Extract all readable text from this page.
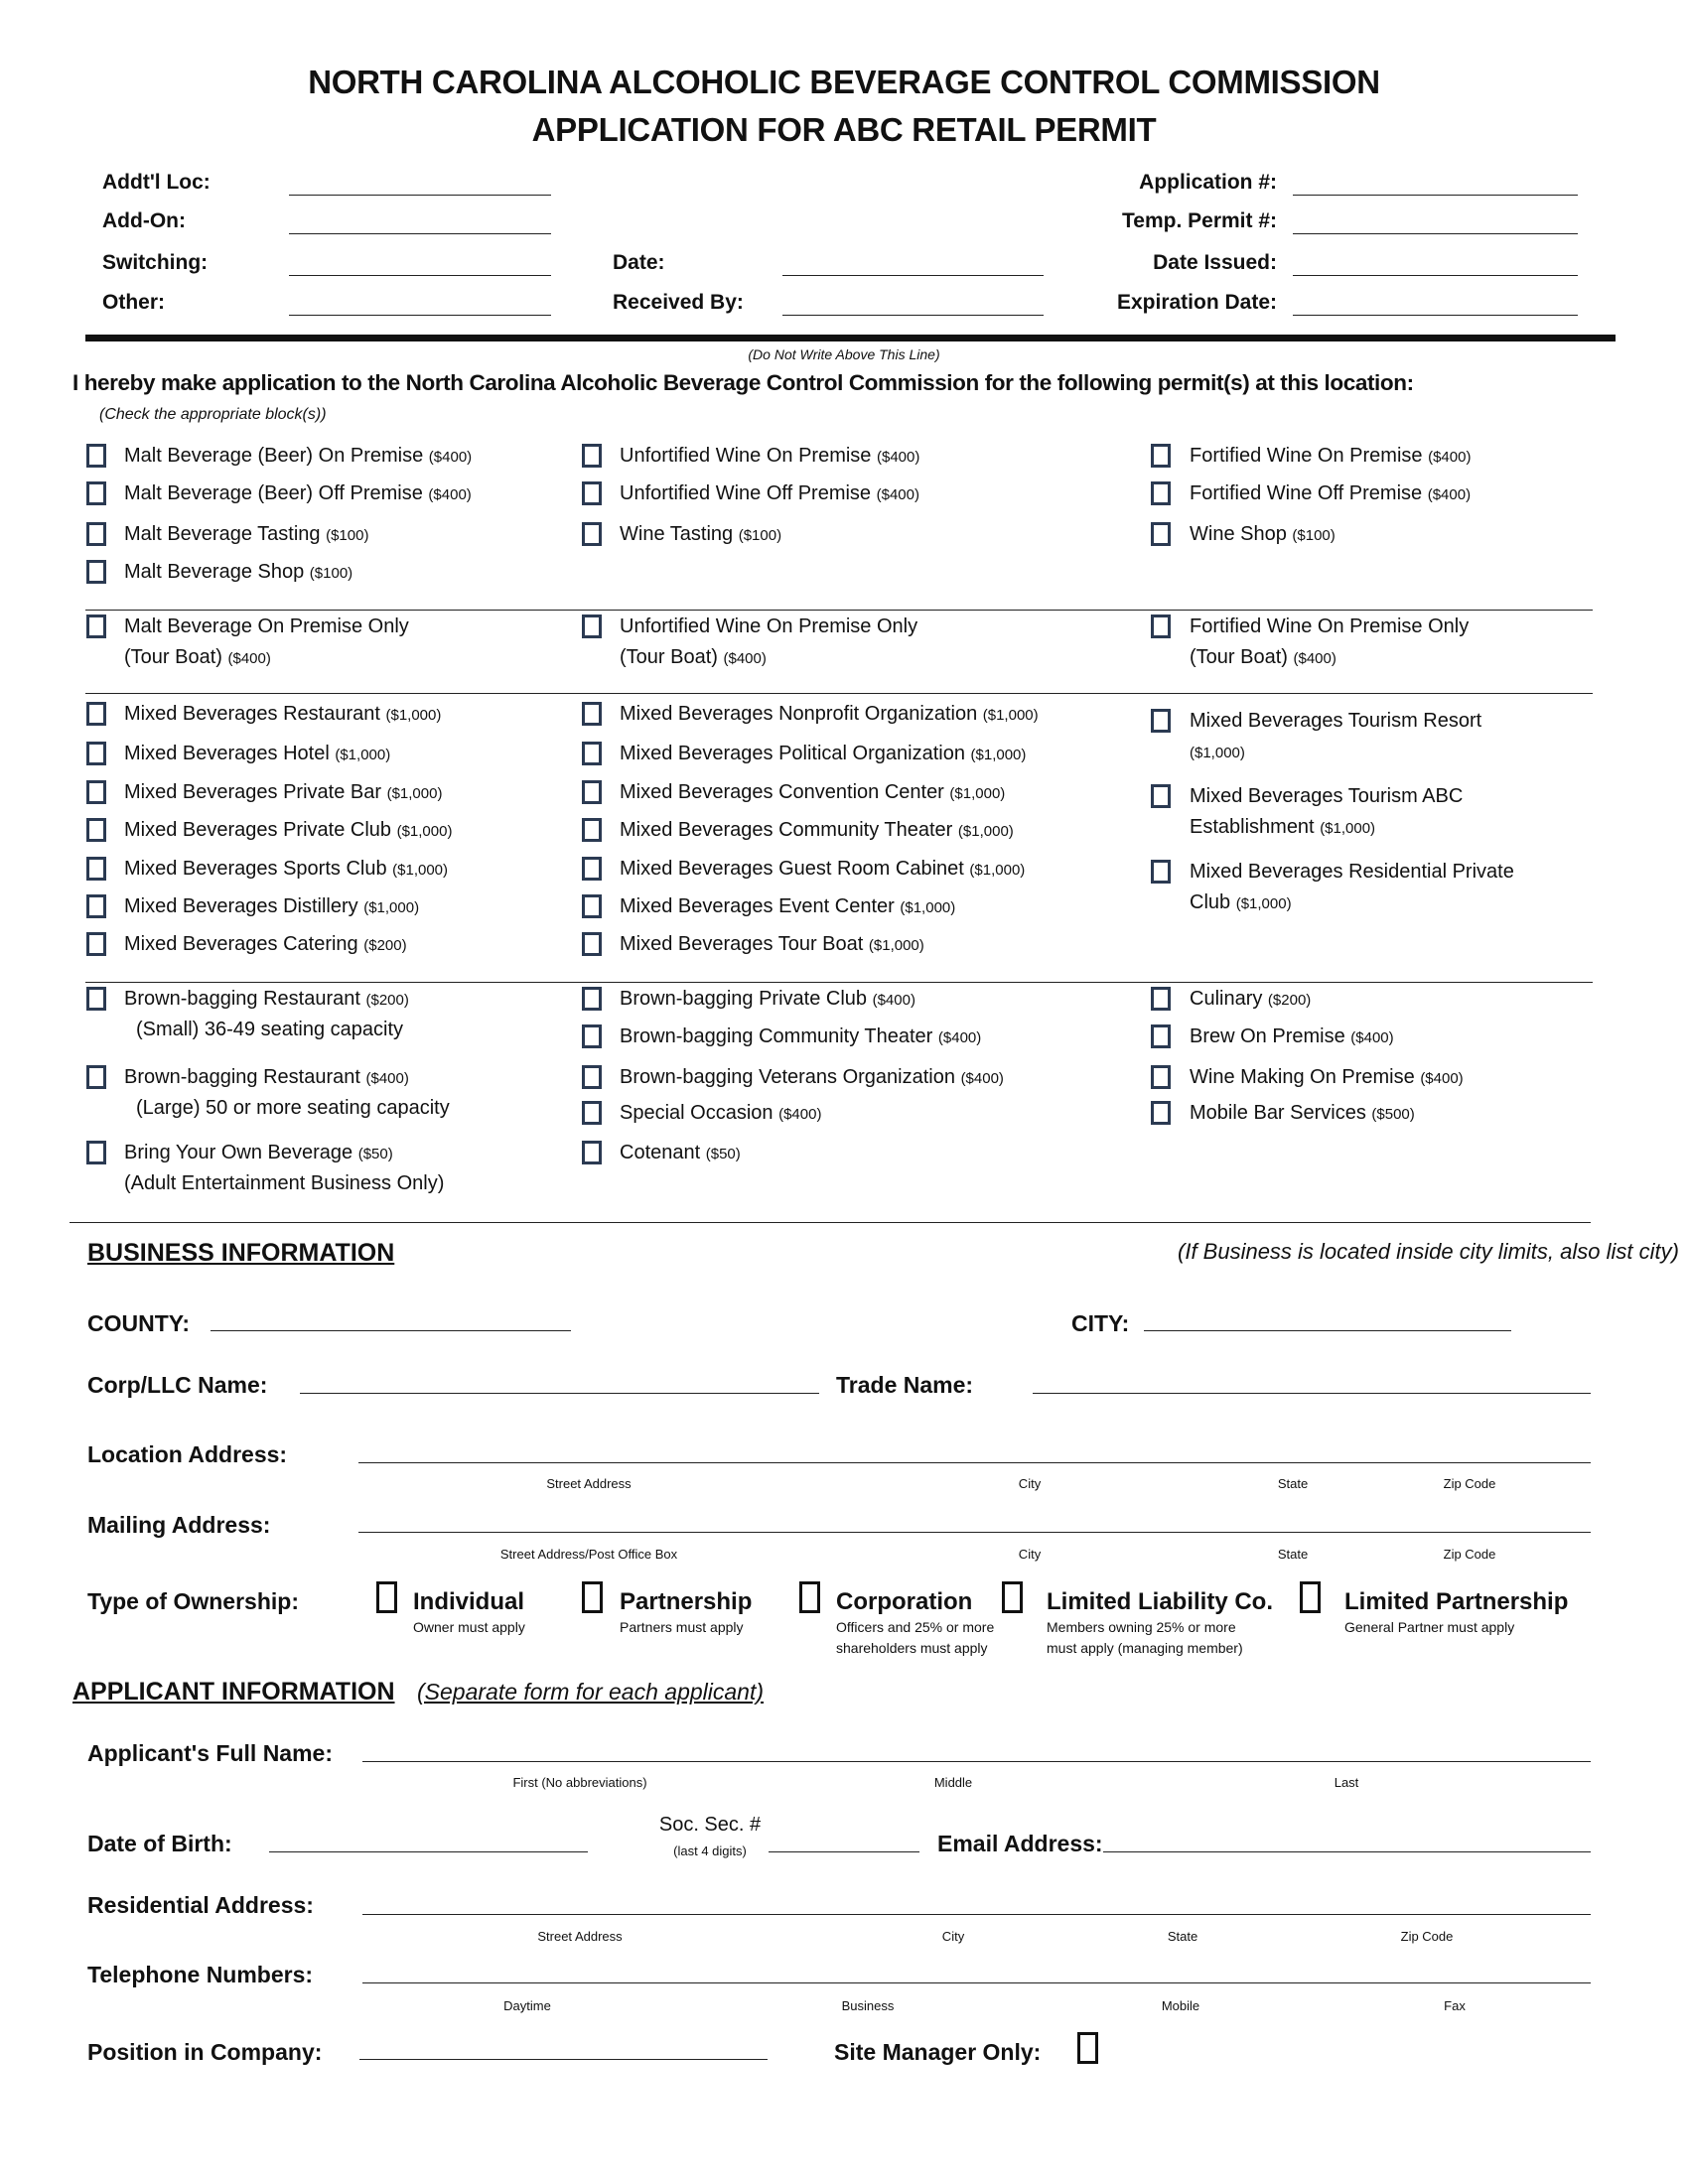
NORTH CAROLINA ALCOHOLIC BEVERAGE CONTROL COMMISSION
APPLICATION FOR ABC RETAIL PERMIT
(Do Not Write Above This Line)
I hereby make application to the North Carolina Alcoholic Beverage Control Commission for the following permit(s) at this location:
(Check the appropriate block(s))
Addt'l Loc:
Add-On:
Switching:
Other:
Date:
Received By:
Application #:
Temp. Permit #:
Date Issued:
Expiration Date:
Malt Beverage (Beer) On Premise ($400)
Malt Beverage (Beer) Off Premise ($400)
Malt Beverage Tasting ($100)
Malt Beverage Shop ($100)
Unfortified Wine On Premise ($400)
Unfortified Wine Off Premise ($400)
Wine Tasting ($100)
Fortified Wine On Premise ($400)
Fortified Wine Off Premise ($400)
Wine Shop ($100)
Malt Beverage On Premise Only
(Tour Boat) ($400)
Unfortified Wine On Premise Only
(Tour Boat) ($400)
Fortified Wine On Premise Only
(Tour Boat) ($400)
Mixed Beverages Restaurant ($1,000)
Mixed Beverages Hotel ($1,000)
Mixed Beverages Private Bar ($1,000)
Mixed Beverages Private Club ($1,000)
Mixed Beverages Sports Club ($1,000)
Mixed Beverages Distillery ($1,000)
Mixed Beverages Catering ($200)
Mixed Beverages Nonprofit Organization ($1,000)
Mixed Beverages Political Organization ($1,000)
Mixed Beverages Convention Center ($1,000)
Mixed Beverages Community Theater ($1,000)
Mixed Beverages Guest Room Cabinet ($1,000)
Mixed Beverages Event Center ($1,000)
Mixed Beverages Tour Boat ($1,000)
Mixed Beverages Tourism Resort
($1,000)
Mixed Beverages Tourism ABC
Establishment ($1,000)
Mixed Beverages Residential Private
Club ($1,000)
Brown-bagging Restaurant ($200)
(Small) 36-49 seating capacity
Brown-bagging Restaurant ($400)
(Large) 50 or more seating capacity
Bring Your Own Beverage ($50)
(Adult Entertainment Business Only)
Brown-bagging Private Club ($400)
Brown-bagging Community Theater ($400)
Brown-bagging Veterans Organization ($400)
Special Occasion ($400)
Cotenant ($50)
Culinary ($200)
Brew On Premise ($400)
Wine Making On Premise ($400)
Mobile Bar Services ($500)
BUSINESS INFORMATION	(If Business is located inside city limits, also list city)
COUNTY:	CITY:
Corp/LLC Name:	Trade Name:
Location Address:
Street Address	City	State	Zip Code
Mailing Address:
Street Address/Post Office Box	City	State	Zip Code
Type of Ownership:	Individual
Owner must apply
Partnership
Partners must apply
Corporation
Officers and 25% or more
shareholders must apply
Limited Liability Co.
Members owning 25% or more
must apply (managing member)
Limited Partnership
General Partner must apply
APPLICANT INFORMATION (Separate form for each applicant)
Applicant's Full Name:
First (No abbreviations)	Middle	Last
Date of Birth:
Soc. Sec. #
(last 4 digits)	Email Address:
Residential Address:
Street Address	City	State	Zip Code
Telephone Numbers:
Daytime	Business	Mobile	Fax
Position in Company:	Site Manager Only:
